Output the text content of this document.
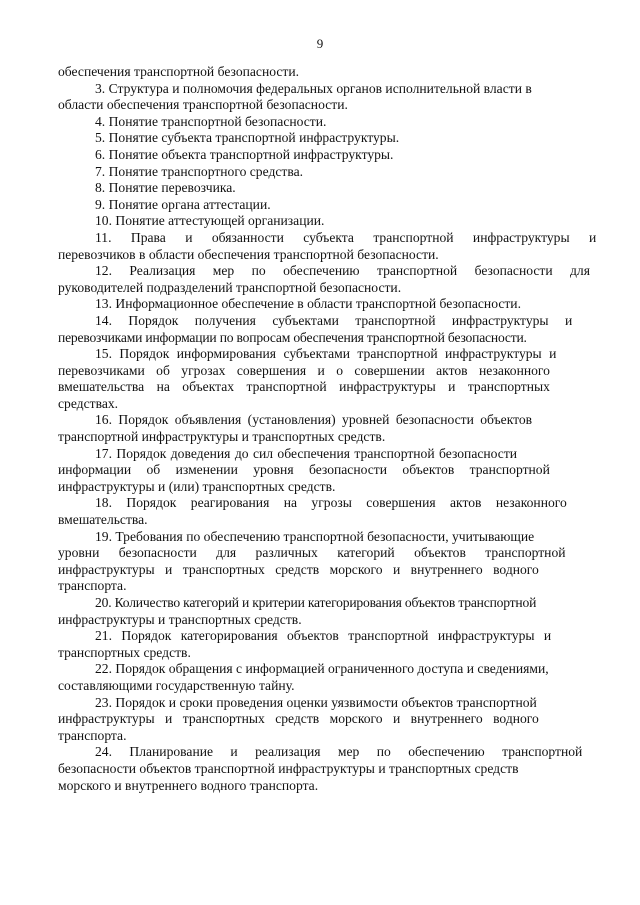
9
обеспечения транспортной безопасности.
3. Структура и полномочия федеральных органов исполнительной власти в
области обеспечения транспортной безопасности.
4. Понятие транспортной безопасности.
5. Понятие субъекта транспортной инфраструктуры.
6. Понятие объекта транспортной инфраструктуры.
7. Понятие транспортного средства.
8. Понятие перевозчика.
9. Понятие органа аттестации.
10. Понятие аттестующей организации.
11. Права и обязанности субъекта транспортной инфраструктуры и
перевозчиков в области обеспечения транспортной безопасности.
12. Реализация мер по обеспечению транспортной безопасности для
руководителей подразделений транспортной безопасности.
13. Информационное обеспечение в области транспортной безопасности.
14. Порядок получения субъектами транспортной инфраструктуры и
перевозчиками информации по вопросам обеспечения транспортной безопасности.
15. Порядок информирования субъектами транспортной инфраструктуры и
перевозчиками об угрозах совершения и о совершении актов незаконного
вмешательства на объектах транспортной инфраструктуры и транспортных
средствах.
16. Порядок объявления (установления) уровней безопасности объектов
транспортной инфраструктуры и транспортных средств.
17. Порядок доведения до сил обеспечения транспортной безопасности
информации об изменении уровня безопасности объектов транспортной
инфраструктуры и (или) транспортных средств.
18. Порядок реагирования на угрозы совершения актов незаконного
вмешательства.
19. Требования по обеспечению транспортной безопасности, учитывающие
уровни безопасности для различных категорий объектов транспортной
инфраструктуры и транспортных средств морского и внутреннего водного
транспорта.
20. Количество категорий и критерии категорирования объектов транспортной
инфраструктуры и транспортных средств.
21. Порядок категорирования объектов транспортной инфраструктуры и
транспортных средств.
22. Порядок обращения с информацией ограниченного доступа и сведениями,
составляющими государственную тайну.
23. Порядок и сроки проведения оценки уязвимости объектов транспортной
инфраструктуры и транспортных средств морского и внутреннего водного
транспорта.
24. Планирование и реализация мер по обеспечению транспортной
безопасности объектов транспортной инфраструктуры и транспортных средств
морского и внутреннего водного транспорта.
